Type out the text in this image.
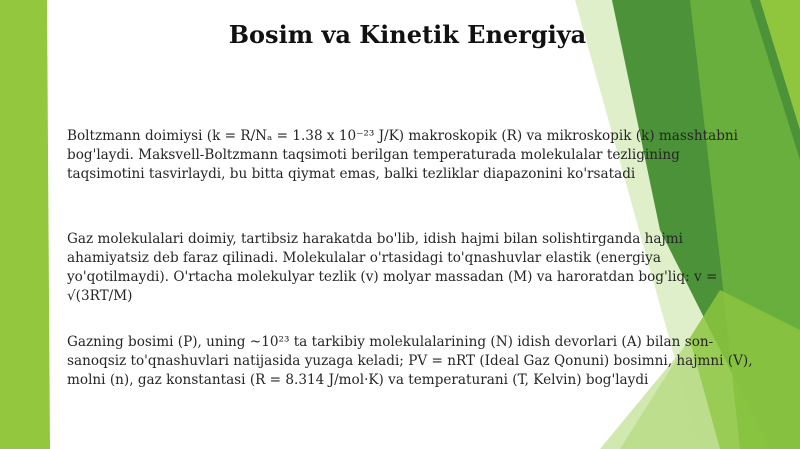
Bosim va Kinetik Energiya

Boltzmann doimiysi (k = R/Nₐ = 1.38 x 10⁻²³ J/K) makroskopik (R) va mikroskopik (k) masshtabni bog'laydi. Maksvell-Boltzmann taqsimoti berilgan temperaturada molekulalar tezligining taqsimotini tasvirlaydi, bu bitta qiymat emas, balki tezliklar diapazonini ko'rsatadi

Gaz molekulalari doimiy, tartibsiz harakatda bo'lib, idish hajmi bilan solishtirganda hajmi ahamiyatsiz deb faraz qilinadi. Molekulalar o'rtasidagi to'qnashuvlar elastik (energiya yo'qotilmaydi). O'rtacha molekulyar tezlik (v) molyar massadan (M) va haroratdan bog'liq: v = √(3RT/M)

Gazning bosimi (P), uning ~10²³ ta tarkibiy molekulalarining (N) idish devorlari (A) bilan son-sanoqsiz to'qnashuvlari natijasida yuzaga keladi; PV = nRT (Ideal Gaz Qonuni) bosimni, hajmni (V), molni (n), gaz konstantasi (R = 8.314 J/mol·K) va temperaturani (T, Kelvin) bog'laydi
